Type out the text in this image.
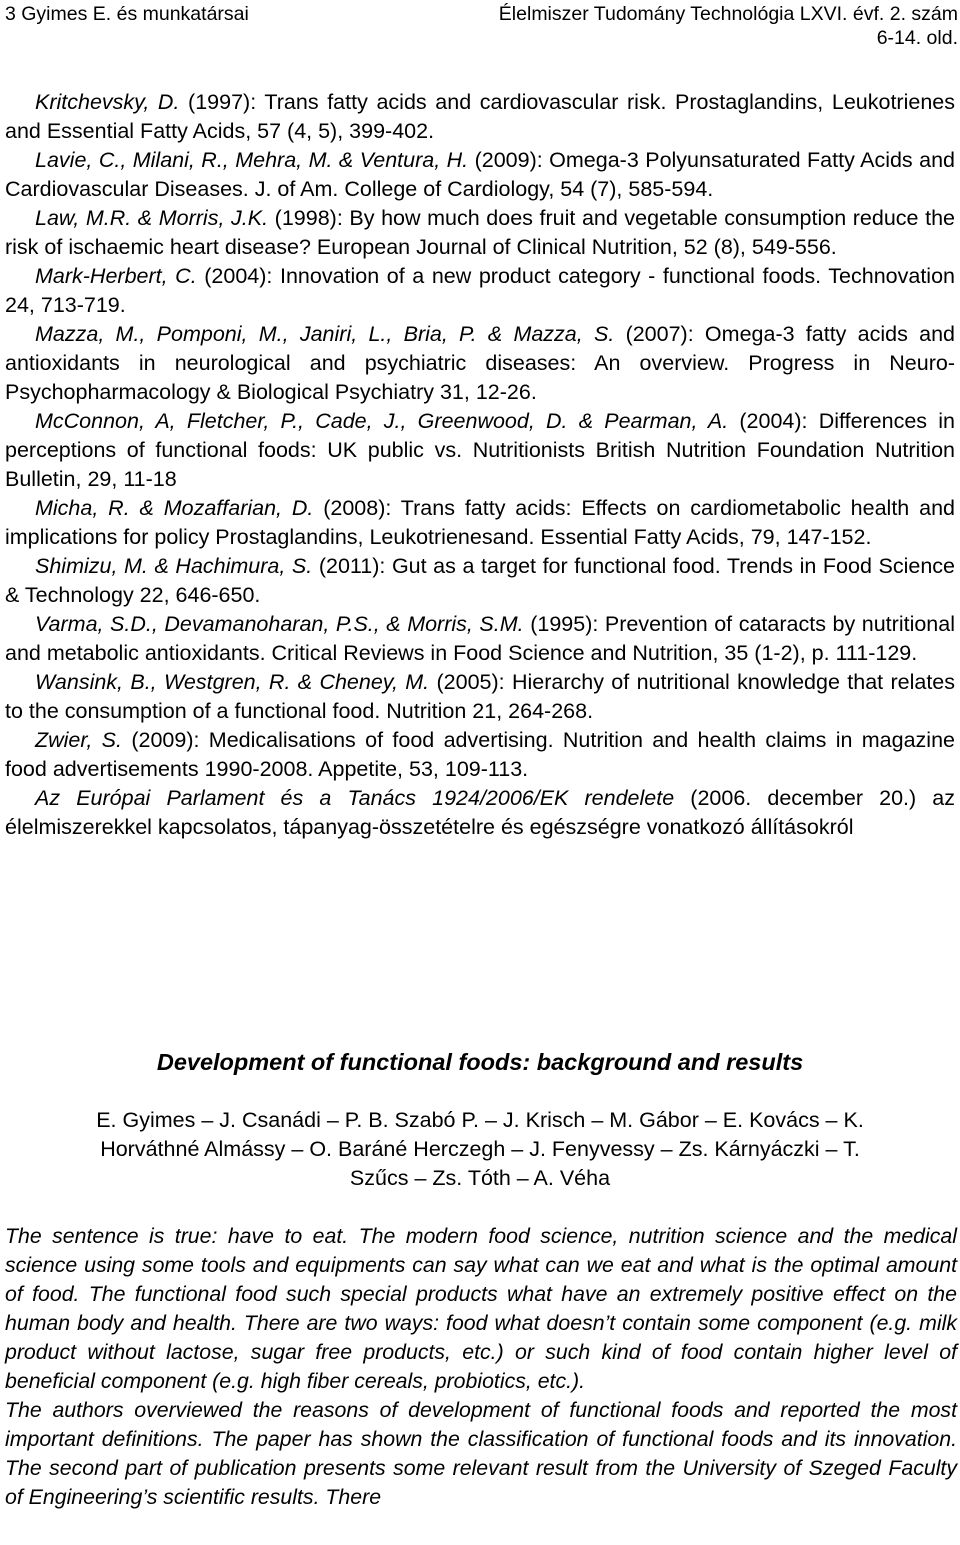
3 Gyimes E. és munkatársai	Élelmiszer Tudomány Technológia LXVI. évf. 2. szám
6-14. old.

Kritchevsky, D. (1997): Trans fatty acids and cardiovascular risk. Prostaglandins, Leukotrienes and Essential Fatty Acids, 57 (4, 5), 399-402.

Lavie, C., Milani, R., Mehra, M. & Ventura, H. (2009): Omega-3 Polyunsaturated Fatty Acids and Cardiovascular Diseases. J. of Am. College of Cardiology, 54 (7), 585-594.

Law, M.R. & Morris, J.K. (1998): By how much does fruit and vegetable consumption reduce the risk of ischaemic heart disease? European Journal of Clinical Nutrition, 52 (8), 549-556.

Mark-Herbert, C. (2004): Innovation of a new product category - functional foods. Technovation 24, 713-719.

Mazza, M., Pomponi, M., Janiri, L., Bria, P. & Mazza, S. (2007): Omega-3 fatty acids and antioxidants in neurological and psychiatric diseases: An overview. Progress in Neuro-Psychopharmacology & Biological Psychiatry 31, 12-26.

McConnon, A, Fletcher, P., Cade, J., Greenwood, D. & Pearman, A. (2004): Differences in perceptions of functional foods: UK public vs. Nutritionists British Nutrition Foundation Nutrition Bulletin, 29, 11-18

Micha, R. & Mozaffarian, D. (2008): Trans fatty acids: Effects on cardiometabolic health and implications for policy Prostaglandins, Leukotrienesand. Essential Fatty Acids, 79, 147-152.

Shimizu, M. & Hachimura, S. (2011): Gut as a target for functional food. Trends in Food Science & Technology 22, 646-650.

Varma, S.D., Devamanoharan, P.S., & Morris, S.M. (1995): Prevention of cataracts by nutritional and metabolic antioxidants. Critical Reviews in Food Science and Nutrition, 35 (1-2), p. 111-129.

Wansink, B., Westgren, R. & Cheney, M. (2005): Hierarchy of nutritional knowledge that relates to the consumption of a functional food. Nutrition 21, 264-268.

Zwier, S. (2009): Medicalisations of food advertising. Nutrition and health claims in magazine food advertisements 1990-2008. Appetite, 53, 109-113.

Az Európai Parlament és a Tanács 1924/2006/EK rendelete (2006. december 20.) az élelmiszerekkel kapcsolatos, tápanyag-összetételre és egészségre vonatkozó állításokról

Development of functional foods: background and results
E. Gyimes – J. Csanádi – P. B. Szabó P. – J. Krisch – M. Gábor – E. Kovács – K.
Horváthné Almássy – O. Baráné Herczegh – J. Fenyvessy – Zs. Kárnyáczki – T.
Szűcs – Zs. Tóth – A. Véha

The sentence is true: have to eat. The modern food science, nutrition science and the medical science using some tools and equipments can say what can we eat and what is the optimal amount of food. The functional food such special products what have an extremely positive effect on the human body and health. There are two ways: food what doesn’t contain some component (e.g. milk product without lactose, sugar free products, etc.) or such kind of food contain higher level of beneficial component (e.g. high fiber cereals, probiotics, etc.).

The authors overviewed the reasons of development of functional foods and reported the most important definitions. The paper has shown the classification of functional foods and its innovation. The second part of publication presents some relevant result from the University of Szeged Faculty of Engineering’s scientific results. There
